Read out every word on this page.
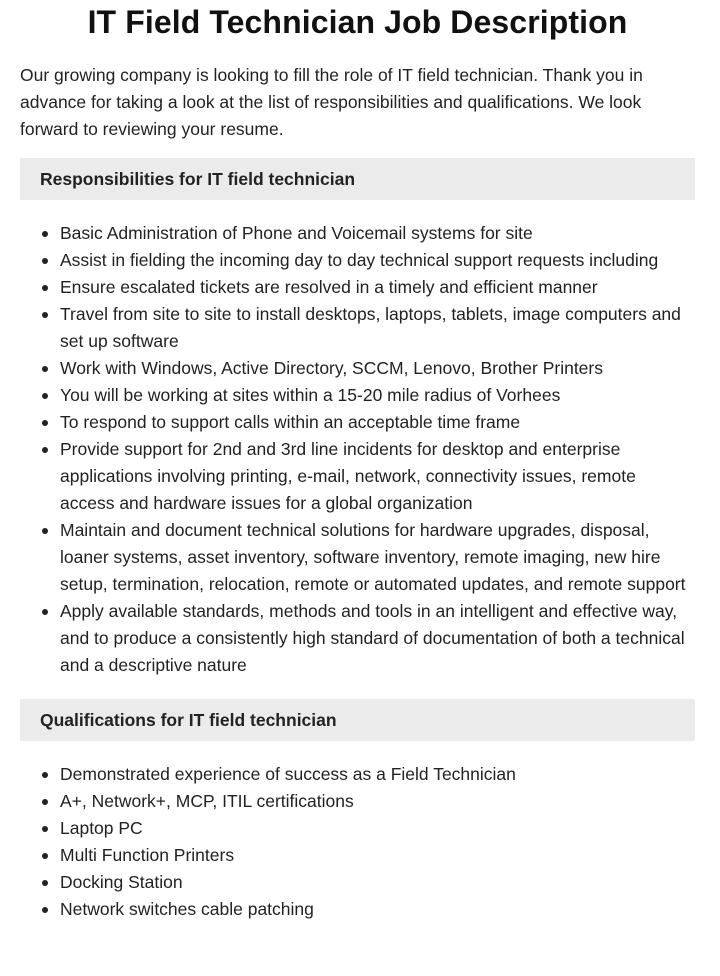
IT Field Technician Job Description

Our growing company is looking to fill the role of IT field technician. Thank you in advance for taking a look at the list of responsibilities and qualifications. We look forward to reviewing your resume.

Responsibilities for IT field technician
Basic Administration of Phone and Voicemail systems for site
Assist in fielding the incoming day to day technical support requests including
Ensure escalated tickets are resolved in a timely and efficient manner
Travel from site to site to install desktops, laptops, tablets, image computers and set up software
Work with Windows, Active Directory, SCCM, Lenovo, Brother Printers
You will be working at sites within a 15-20 mile radius of Vorhees
To respond to support calls within an acceptable time frame
Provide support for 2nd and 3rd line incidents for desktop and enterprise applications involving printing, e-mail, network, connectivity issues, remote access and hardware issues for a global organization
Maintain and document technical solutions for hardware upgrades, disposal, loaner systems, asset inventory, software inventory, remote imaging, new hire setup, termination, relocation, remote or automated updates, and remote support
Apply available standards, methods and tools in an intelligent and effective way, and to produce a consistently high standard of documentation of both a technical and a descriptive nature
Qualifications for IT field technician
Demonstrated experience of success as a Field Technician
A+, Network+, MCP, ITIL certifications
Laptop PC
Multi Function Printers
Docking Station
Network switches cable patching
